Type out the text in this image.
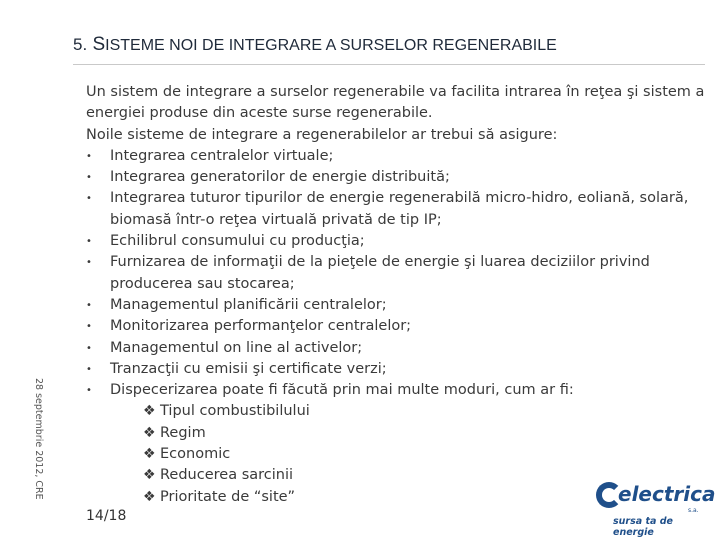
5. SISTEME NOI DE INTEGRARE A SURSELOR REGENERABILE
Un sistem de integrare a surselor regenerabile va facilita intrarea în reţea şi sistem a
energiei produse din aceste surse regenerabile.
Noile sisteme de integrare a regenerabilelor ar trebui să asigure:
•	Integrarea centralelor virtuale;
•	Integrarea generatorilor de energie distribuită;
•	Integrarea tuturor tipurilor de energie regenerabilă micro-hidro, eoliană, solară,
biomasă într-o reţea virtuală privată de tip IP;
•	Echilibrul consumului cu producţia;
•	Furnizarea de informaţii de la pieţele de energie şi luarea deciziilor privind
producerea sau stocarea;
•	Managementul planificării centralelor;
•	Monitorizarea performanţelor centralelor;
•	Managementul on line al activelor;
•	Tranzacţii cu emisii şi certificate verzi;
•	Dispecerizarea poate fi făcută prin mai multe moduri, cum ar fi:
❖ Tipul combustibilului
❖ Regim
❖ Economic
❖ Reducerea sarcinii
❖ Prioritate de “site”
28 septembrie 2012, CRE
14/18
electrica
s.a.
sursa ta de energie
